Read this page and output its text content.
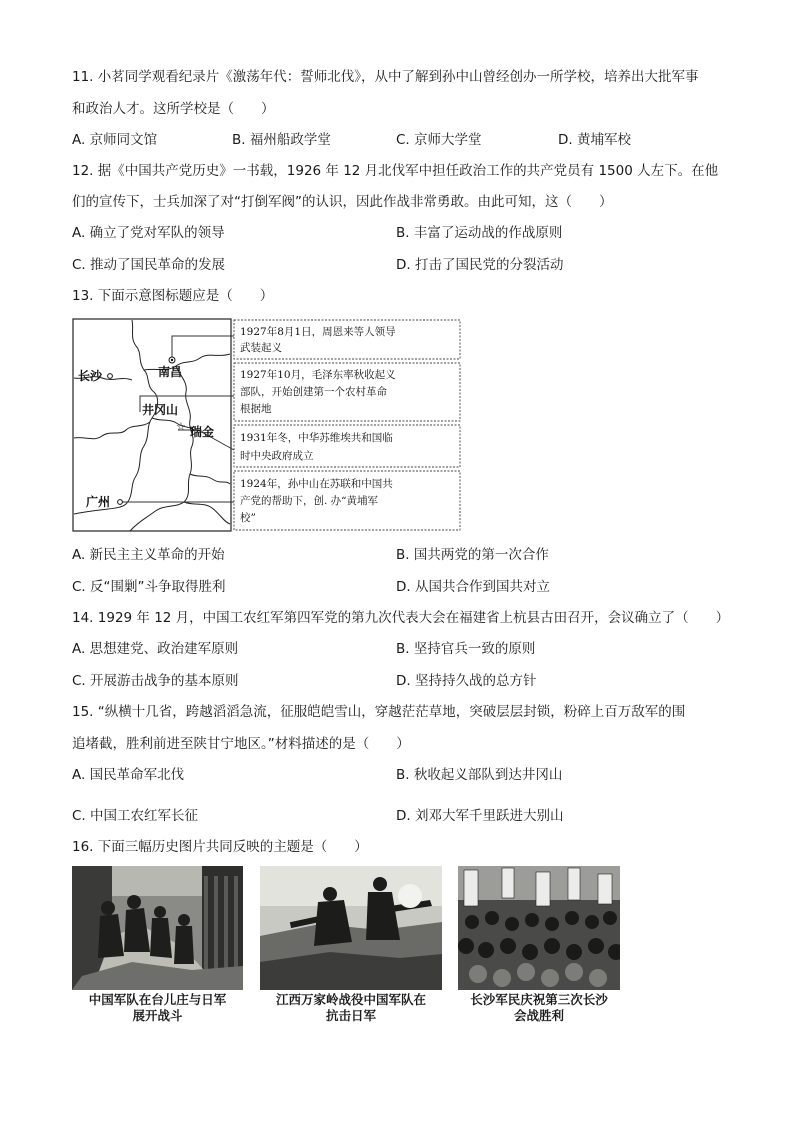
11. 小茗同学观看纪录片《激荡年代：誓师北伐》，从中了解到孙中山曾经创办一所学校，培养出大批军事
和政治人才。这所学校是（　　）
A. 京师同文馆	B. 福州船政学堂	C. 京师大学堂	D. 黄埔军校
12. 据《中国共产党历史》一书载，1926 年 12 月北伐军中担任政治工作的共产党员有 1500 人左下。在他
们的宣传下，士兵加深了对“打倒军阀”的认识，因此作战非常勇敢。由此可知，这（　　）
A. 确立了党对军队的领导	B. 丰富了运动战的作战原则
C. 推动了国民革命的发展	D. 打击了国民党的分裂活动
13. 下面示意图标题应是（　　）
☆
长沙	南昌
井冈山
瑞金
广州
1927年8月1日，周恩来等人领导
武装起义
1927年10月，毛泽东率秋收起义
部队，开始创建第一个农村革命
根据地
1931年冬，中华苏维埃共和国临
时中央政府成立
1924年，孙中山在苏联和中国共
产党的帮助下，创. 办“黄埔军
校”
A. 新民主主义革命的开始	B. 国共两党的第一次合作
C. 反“围剿”斗争取得胜利	D. 从国共合作到国共对立
14. 1929 年 12 月，中国工农红军第四军党的第九次代表大会在福建省上杭县古田召开，会议确立了（　　）
A. 思想建党、政治建军原则	B. 坚持官兵一致的原则
C. 开展游击战争的基本原则	D. 坚持持久战的总方针
15. “纵横十几省，跨越滔滔急流，征服皑皑雪山，穿越茫茫草地，突破层层封锁，粉碎上百万敌军的围
追堵截，胜利前进至陕甘宁地区。”材料描述的是（　　）
A. 国民革命军北伐	B. 秋收起义部队到达井冈山
C. 中国工农红军长征	D. 刘邓大军千里跃进大别山
16. 下面三幅历史图片共同反映的主题是（　　）
中国军队在台儿庄与日军
展开战斗
江西万家岭战役中国军队在
抗击日军
长沙军民庆祝第三次长沙
会战胜利
